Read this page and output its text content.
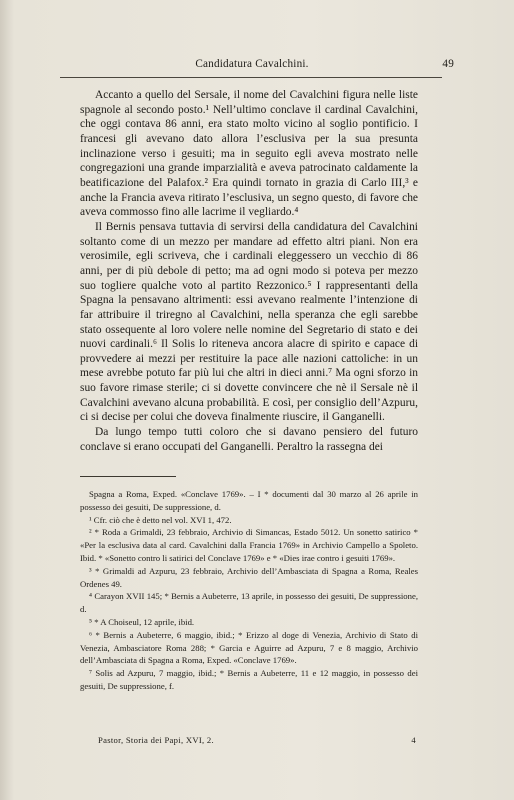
Candidatura Cavalchini.	49

Accanto a quello del Sersale, il nome del Cavalchini figura nelle liste spagnole al secondo posto.¹ Nell’ultimo conclave il cardinal Cavalchini, che oggi contava 86 anni, era stato molto vicino al soglio pontificio. I francesi gli avevano dato allora l’esclusiva per la sua presunta inclinazione verso i gesuiti; ma in seguito egli aveva mostrato nelle congregazioni una grande imparzialità e aveva patrocinato caldamente la beatificazione del Palafox.² Era quindi tornato in grazia di Carlo III,³ e anche la Francia aveva ritirato l’esclusiva, un segno questo, di favore che aveva commosso fino alle lacrime il vegliardo.⁴

Il Bernis pensava tuttavia di servirsi della candidatura del Cavalchini soltanto come di un mezzo per mandare ad effetto altri piani. Non era verosimile, egli scriveva, che i cardinali eleggessero un vecchio di 86 anni, per di più debole di petto; ma ad ogni modo si poteva per mezzo suo togliere qualche voto al partito Rezzonico.⁵ I rappresentanti della Spagna la pensavano altrimenti: essi avevano realmente l’intenzione di far attribuire il triregno al Cavalchini, nella speranza che egli sarebbe stato ossequente al loro volere nelle nomine del Segretario di stato e dei nuovi cardinali.⁶ Il Solis lo riteneva ancora alacre di spirito e capace di provvedere ai mezzi per restituire la pace alle nazioni cattoliche: in un mese avrebbe potuto far più lui che altri in dieci anni.⁷ Ma ogni sforzo in suo favore rimase sterile; ci si dovette convincere che nè il Sersale nè il Cavalchini avevano alcuna probabilità. E così, per consiglio dell’Azpuru, ci si decise per colui che doveva finalmente riuscire, il Ganganelli.

Da lungo tempo tutti coloro che si davano pensiero del futuro conclave si erano occupati del Ganganelli. Peraltro la rassegna dei

Spagna a Roma, Exped. «Conclave 1769». – I * documenti dal 30 marzo al 26 aprile in possesso dei gesuiti, De suppressione, d.

¹ Cfr. ciò che è detto nel vol. XVI 1, 472.

² * Roda a Grimaldi, 23 febbraio, Archivio di Simancas, Estado 5012. Un sonetto satirico * «Per la esclusiva data al card. Cavalchini dalla Francia 1769» in Archivio Campello a Spoleto. Ibid. * «Sonetto contro li satirici del Conclave 1769» e * «Dies irae contro i gesuiti 1769».

³ * Grimaldi ad Azpuru, 23 febbraio, Archivio dell’Ambasciata di Spagna a Roma, Reales Ordenes 49.

⁴ Carayon XVII 145; * Bernis a Aubeterre, 13 aprile, in possesso dei gesuiti, De suppressione, d.

⁵ * A Choiseul, 12 aprile, ibid.

⁶ * Bernis a Aubeterre, 6 maggio, ibid.; * Erizzo al doge di Venezia, Archivio di Stato di Venezia, Ambasciatore Roma 288; * Garcia e Aguirre ad Azpuru, 7 e 8 maggio, Archivio dell’Ambasciata di Spagna a Roma, Exped. «Conclave 1769».

⁷ Solis ad Azpuru, 7 maggio, ibid.; * Bernis a Aubeterre, 11 e 12 maggio, in possesso dei gesuiti, De suppressione, f.

Pastor, Storia dei Papi, XVI, 2.	4
